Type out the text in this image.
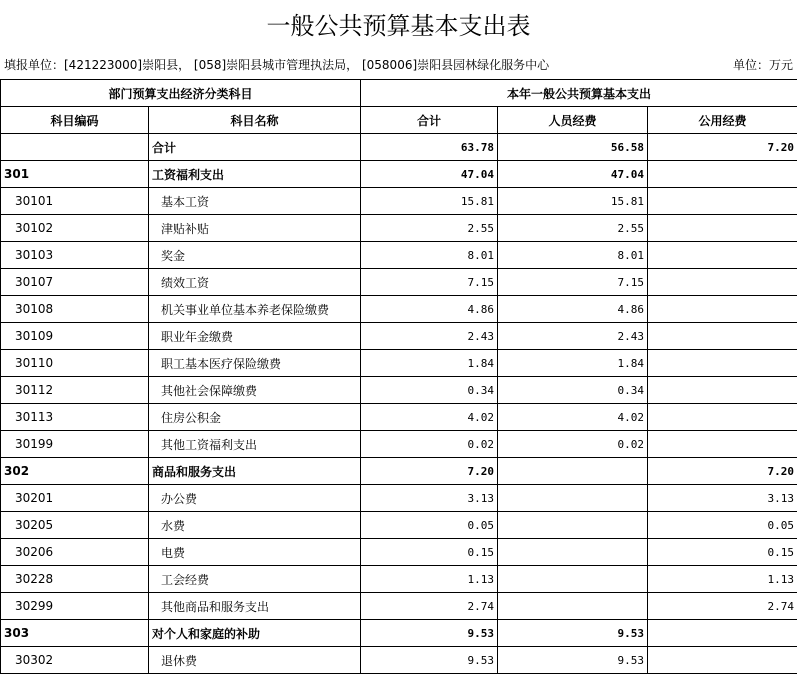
一般公共预算基本支出表
填报单位：[421223000]崇阳县， [058]崇阳县城市管理执法局， [058006]崇阳县园林绿化服务中心	单位：万元
部门预算支出经济分类科目		本年一般公共预算基本支出		
科目编码	科目名称	合计	人员经费	公用经费
	合计	63.78	56.58	7.20
301	工资福利支出	47.04	47.04	
30101	基本工资	15.81	15.81	
30102	津贴补贴	2.55	2.55	
30103	奖金	8.01	8.01	
30107	绩效工资	7.15	7.15	
30108	机关事业单位基本养老保险缴费	4.86	4.86	
30109	职业年金缴费	2.43	2.43	
30110	职工基本医疗保险缴费	1.84	1.84	
30112	其他社会保障缴费	0.34	0.34	
30113	住房公积金	4.02	4.02	
30199	其他工资福利支出	0.02	0.02	
302	商品和服务支出	7.20		7.20
30201	办公费	3.13		3.13
30205	水费	0.05		0.05
30206	电费	0.15		0.15
30228	工会经费	1.13		1.13
30299	其他商品和服务支出	2.74		2.74
303	对个人和家庭的补助	9.53	9.53	
30302	退休费	9.53	9.53	
